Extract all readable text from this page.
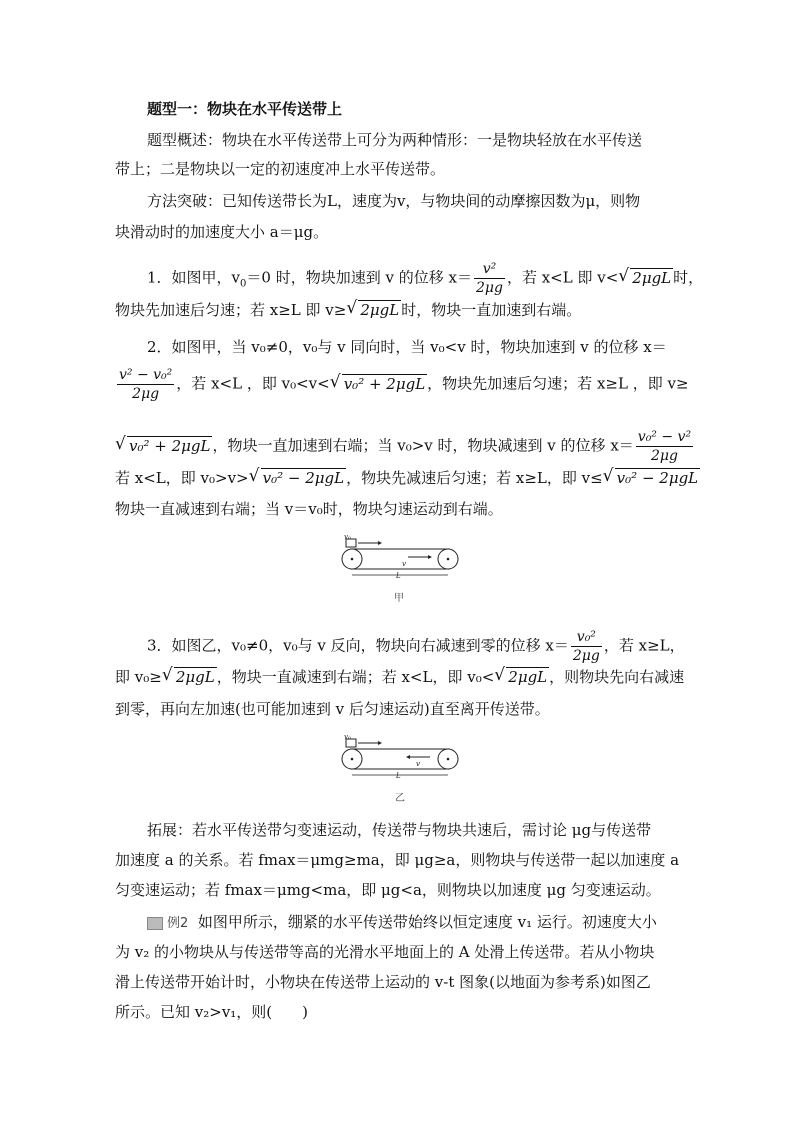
题型一：物块在水平传送带上
题型概述：物块在水平传送带上可分为两种情形：一是物块轻放在水平传送
带上；二是物块以一定的初速度冲上水平传送带。
方法突破：已知传送带长为L，速度为v，与物块间的动摩擦因数为μ，则物
块滑动时的加速度大小 a＝μg。
1．如图甲，$v_0=0$ 时，物块加速到 v 的位移 $x= \frac{\text{v²}}{2\mu g}$ ，若 x<L 即 v< √ 2μgL 时，
物块先加速后匀速；若 x≥L 即 v≥ √ 2μgL 时，物块一直加速到右端。
2．如图甲，当 v₀≠0，v₀与 v 同向时，当 v₀<v 时，物块加速到 v 的位移 x＝
$\frac{\text{v² − v₀²}}{2\mu g}$ ，若 x<L ，即 v₀<v< √ v₀² + 2μgL ，物块先加速后匀速；若 x≥L ，即 v≥
√ v₀² + 2μgL ，物块一直加速到右端；当 v₀>v 时，物块减速到 v 的位移 $x= \frac{\text{v₀² − v²}}{2\mu g}$
若 x<L，即 v₀>v> √ v₀² − 2μgL ，物块先减速后匀速；若 x≥L，即 v≤ √ v₀² − 2μgL
物块一直减速到右端；当 v＝v₀时，物块匀速运动到右端。
v₀
v
L
甲
3．如图乙，v₀≠0，v₀与 v 反向，物块向右减速到零的位移 $x= \frac{\text{v₀²}}{2\mu g}$ ，若 x≥L，
即 v₀≥ √ 2μgL ，物块一直减速到右端；若 x<L，即 v₀< √ 2μgL ，则物块先向右减速
到零，再向左加速(也可能加速到 v 后匀速运动)直至离开传送带。
v₀
v
L
乙
拓展：若水平传送带匀变速运动，传送带与物块共速后，需讨论 μg与传送带
加速度 a 的关系。若 fmax＝μmg≥ma，即 μg≥a，则物块与传送带一起以加速度 a
匀变速运动；若 fmax＝μmg<ma，即 μg<a，则物块以加速度 μg 匀变速运动。
例2 如图甲所示，绷紧的水平传送带始终以恒定速度 v₁ 运行。初速度大小
为 v₂ 的小物块从与传送带等高的光滑水平地面上的 A 处滑上传送带。若从小物块
滑上传送带开始计时，小物块在传送带上运动的 v-t 图象(以地面为参考系)如图乙
所示。已知 v₂>v₁，则(　　)
